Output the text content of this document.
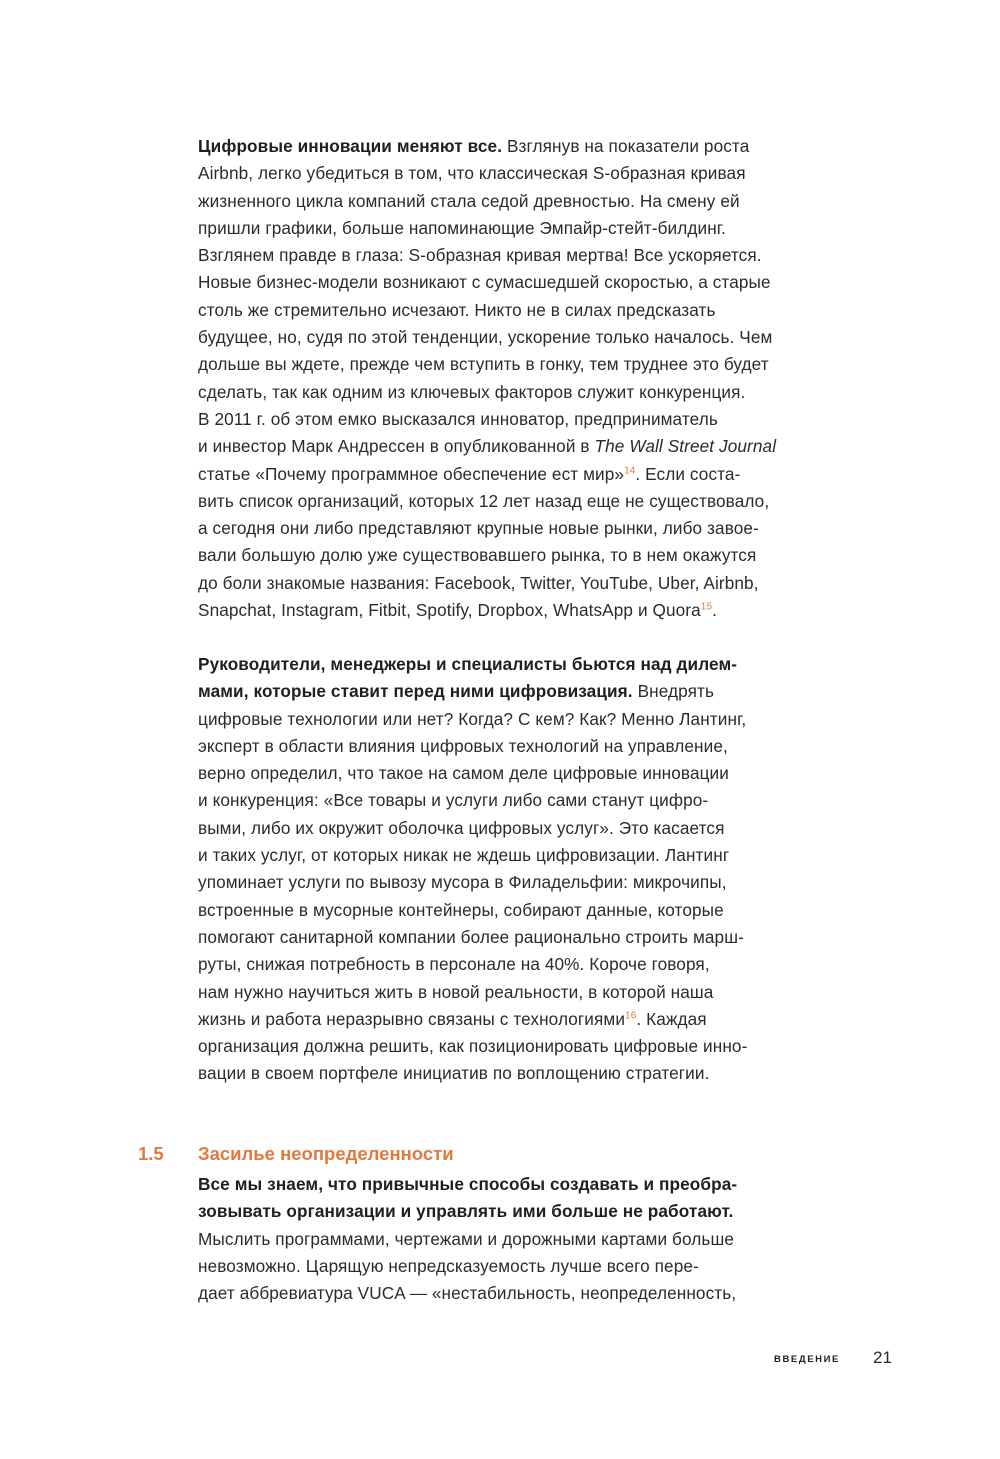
Цифровые инновации меняют все. Взглянув на показатели роста
Airbnb, легко убедиться в том, что классическая S-образная кривая
жизненного цикла компаний стала седой древностью. На смену ей
пришли графики, больше напоминающие Эмпайр-стейт-билдинг.
Взглянем правде в глаза: S-образная кривая мертва! Все ускоряется.
Новые бизнес-модели возникают с сумасшедшей скоростью, а старые
столь же стремительно исчезают. Никто не в силах предсказать
будущее, но, судя по этой тенденции, ускорение только началось. Чем
дольше вы ждете, прежде чем вступить в гонку, тем труднее это будет
сделать, так как одним из ключевых факторов служит конкуренция.
В 2011 г. об этом емко высказался инноватор, предприниматель
и инвестор Марк Андрессен в опубликованной в The Wall Street Journal
статье «Почему программное обеспечение ест мир»$^{14}$. Если соста-
вить список организаций, которых 12 лет назад еще не существовало,
а сегодня они либо представляют крупные новые рынки, либо завое-
вали большую долю уже существовавшего рынка, то в нем окажутся
до боли знакомые названия: Facebook, Twitter, YouTube, Uber, Airbnb,
Snapchat, Instagram, Fitbit, Spotify, Dropbox, WhatsApp и Quora$^{15}$.
Руководители, менеджеры и специалисты бьются над дилем-
мами, которые ставит перед ними цифровизация. Внедрять
цифровые технологии или нет? Когда? С кем? Как? Менно Лантинг,
эксперт в области влияния цифровых технологий на управление,
верно определил, что такое на самом деле цифровые инновации
и конкуренция: «Все товары и услуги либо сами станут цифро-
выми, либо их окружит оболочка цифровых услуг». Это касается
и таких услуг, от которых никак не ждешь цифровизации. Лантинг
упоминает услуги по вывозу мусора в Филадельфии: микрочипы,
встроенные в мусорные контейнеры, собирают данные, которые
помогают санитарной компании более рационально строить марш-
руты, снижая потребность в персонале на 40%. Короче говоря,
нам нужно научиться жить в новой реальности, в которой наша
жизнь и работа неразрывно связаны с технологиями$^{16}$. Каждая
организация должна решить, как позиционировать цифровые инно-
вации в своем портфеле инициатив по воплощению стратегии.
1.5 Засилье неопределенности
Все мы знаем, что привычные способы создавать и преобра-
зовывать организации и управлять ими больше не работают.
Мыслить программами, чертежами и дорожными картами больше
невозможно. Царящую непредсказуемость лучше всего пере-
дает аббревиатура VUCA — «нестабильность, неопределенность,
ВВЕДЕНИЕ 21
